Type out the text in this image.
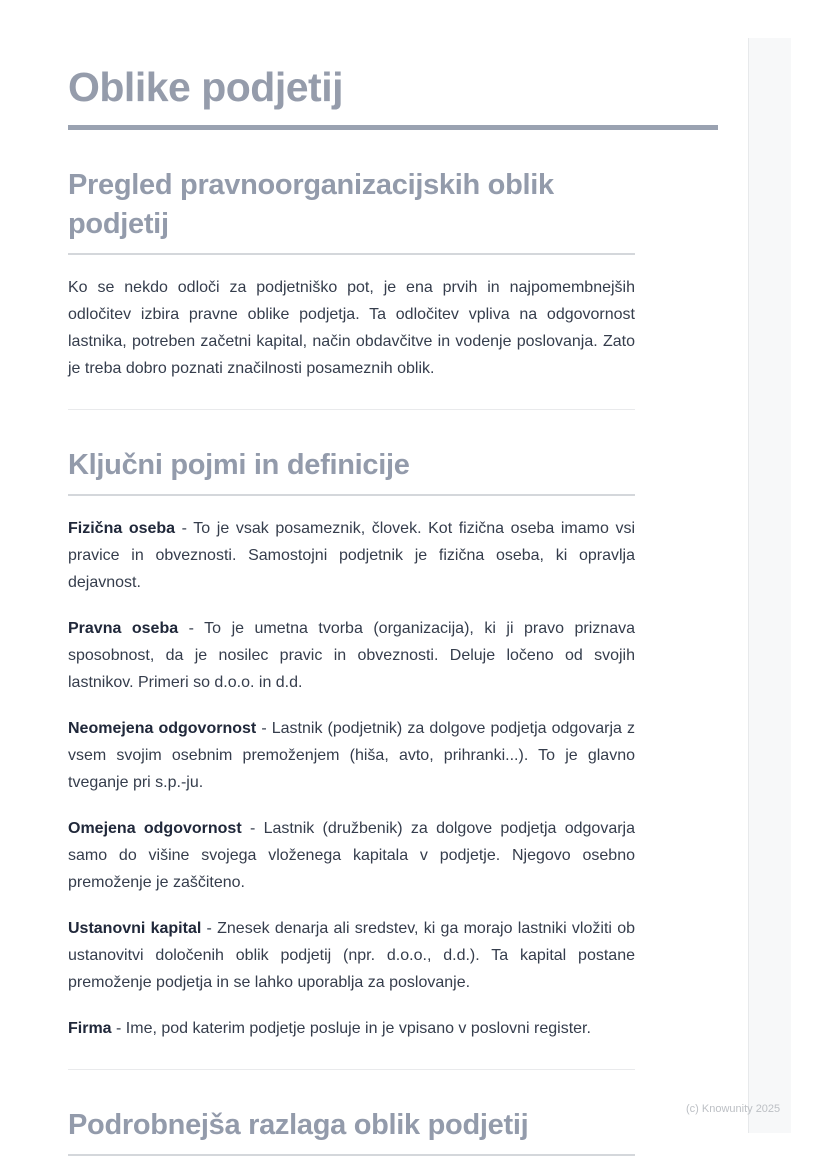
Oblike podjetij
Pregled pravnoorganizacijskih oblik podjetij

Ko se nekdo odloči za podjetniško pot, je ena prvih in najpomembnejših odločitev izbira pravne oblike podjetja. Ta odločitev vpliva na odgovornost lastnika, potreben začetni kapital, način obdavčitve in vodenje poslovanja. Zato je treba dobro poznati značilnosti posameznih oblik.

Ključni pojmi in definicije

Fizična oseba - To je vsak posameznik, človek. Kot fizična oseba imamo vsi pravice in obveznosti. Samostojni podjetnik je fizična oseba, ki opravlja dejavnost.

Pravna oseba - To je umetna tvorba (organizacija), ki ji pravo priznava sposobnost, da je nosilec pravic in obveznosti. Deluje ločeno od svojih lastnikov. Primeri so d.o.o. in d.d.

Neomejena odgovornost - Lastnik (podjetnik) za dolgove podjetja odgovarja z vsem svojim osebnim premoženjem (hiša, avto, prihranki...). To je glavno tveganje pri s.p.-ju.

Omejena odgovornost - Lastnik (družbenik) za dolgove podjetja odgovarja samo do višine svojega vloženega kapitala v podjetje. Njegovo osebno premoženje je zaščiteno.

Ustanovni kapital - Znesek denarja ali sredstev, ki ga morajo lastniki vložiti ob ustanovitvi določenih oblik podjetij (npr. d.o.o., d.d.). Ta kapital postane premoženje podjetja in se lahko uporablja za poslovanje.

Firma - Ime, pod katerim podjetje posluje in je vpisano v poslovni register.

Podrobnejša razlaga oblik podjetij	(c) Knowunity 2025
